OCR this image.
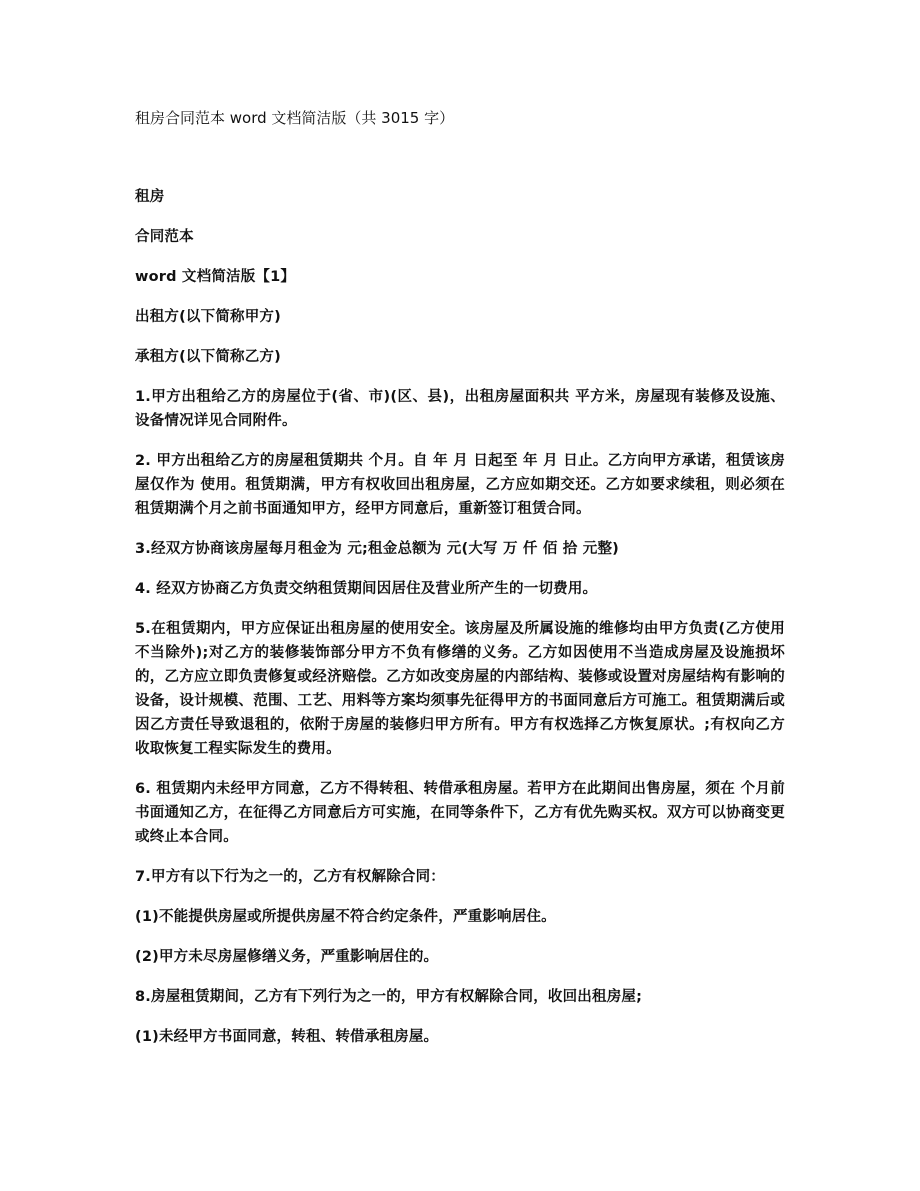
租房合同范本 word 文档简洁版（共 3015 字）

租房

合同范本

word 文档简洁版【1】

出租方(以下简称甲方)

承租方(以下简称乙方)

1.甲方出租给乙方的房屋位于(省、市)(区、县)，出租房屋面积共 平方米，房屋现有装修及设施、设备情况详见合同附件。

2. 甲方出租给乙方的房屋租赁期共 个月。自 年 月 日起至 年 月 日止。乙方向甲方承诺，租赁该房屋仅作为 使用。租赁期满，甲方有权收回出租房屋，乙方应如期交还。乙方如要求续租，则必须在租赁期满个月之前书面通知甲方，经甲方同意后，重新签订租赁合同。

3.经双方协商该房屋每月租金为 元;租金总额为 元(大写 万 仟 佰 拾 元整)

4. 经双方协商乙方负责交纳租赁期间因居住及营业所产生的一切费用。

5.在租赁期内，甲方应保证出租房屋的使用安全。该房屋及所属设施的维修均由甲方负责(乙方使用不当除外);对乙方的装修装饰部分甲方不负有修缮的义务。乙方如因使用不当造成房屋及设施损坏的，乙方应立即负责修复或经济赔偿。乙方如改变房屋的内部结构、装修或设置对房屋结构有影响的设备，设计规模、范围、工艺、用料等方案均须事先征得甲方的书面同意后方可施工。租赁期满后或因乙方责任导致退租的，依附于房屋的装修归甲方所有。甲方有权选择乙方恢复原状。;有权向乙方收取恢复工程实际发生的费用。

6. 租赁期内未经甲方同意，乙方不得转租、转借承租房屋。若甲方在此期间出售房屋，须在 个月前书面通知乙方，在征得乙方同意后方可实施，在同等条件下，乙方有优先购买权。双方可以协商变更或终止本合同。

7.甲方有以下行为之一的，乙方有权解除合同：

(1)不能提供房屋或所提供房屋不符合约定条件，严重影响居住。

(2)甲方未尽房屋修缮义务，严重影响居住的。

8.房屋租赁期间，乙方有下列行为之一的，甲方有权解除合同，收回出租房屋;

(1)未经甲方书面同意，转租、转借承租房屋。
